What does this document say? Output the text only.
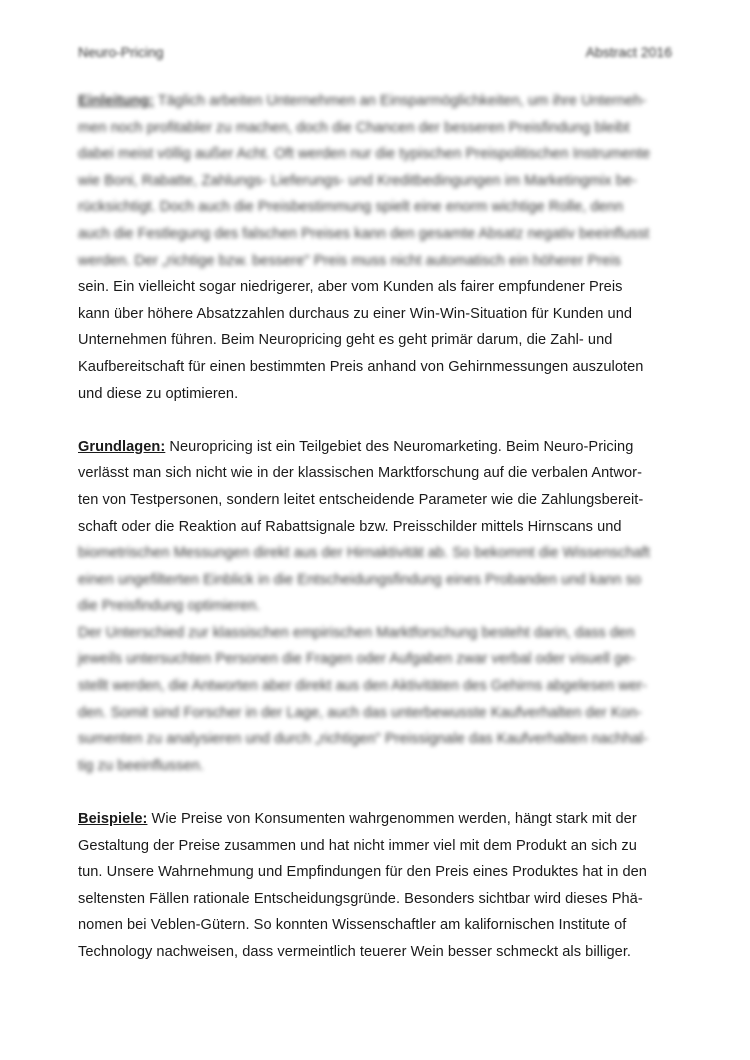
Neuro-Pricing	Abstract 2016
Einleitung: Täglich arbeiten Unternehmen an Einsparmöglichkeiten, um ihre Unterneh-
men noch profitabler zu machen, doch die Chancen der besseren Preisfindung bleibt
dabei meist völlig außer Acht. Oft werden nur die typischen Preispolitischen Instrumente
wie Boni, Rabatte, Zahlungs- Lieferungs- und Kreditbedingungen im Marketingmix be-
rücksichtigt. Doch auch die Preisbestimmung spielt eine enorm wichtige Rolle, denn
auch die Festlegung des falschen Preises kann den gesamte Absatz negativ beeinflusst
werden. Der „richtige bzw. bessere" Preis muss nicht automatisch ein höherer Preis
sein. Ein vielleicht sogar niedrigerer, aber vom Kunden als fairer empfundener Preis
kann über höhere Absatzzahlen durchaus zu einer Win-Win-Situation für Kunden und
Unternehmen führen. Beim Neuropricing geht es geht primär darum, die Zahl- und
Kaufbereitschaft für einen bestimmten Preis anhand von Gehirnmessungen auszuloten
und diese zu optimieren.
Grundlagen: Neuropricing ist ein Teilgebiet des Neuromarketing. Beim Neuro-Pricing
verlässt man sich nicht wie in der klassischen Marktforschung auf die verbalen Antwor-
ten von Testpersonen, sondern leitet entscheidende Parameter wie die Zahlungsbereit-
schaft oder die Reaktion auf Rabattsignale bzw. Preisschilder mittels Hirnscans und
biometrischen Messungen direkt aus der Hirnaktivität ab. So bekommt die Wissenschaft
einen ungefilterten Einblick in die Entscheidungsfindung eines Probanden und kann so
die Preisfindung optimieren.
Der Unterschied zur klassischen empirischen Marktforschung besteht darin, dass den
jeweils untersuchten Personen die Fragen oder Aufgaben zwar verbal oder visuell ge-
stellt werden, die Antworten aber direkt aus den Aktivitäten des Gehirns abgelesen wer-
den. Somit sind Forscher in der Lage, auch das unterbewusste Kaufverhalten der Kon-
sumenten zu analysieren und durch „richtigen" Preissignale das Kaufverhalten nachhal-
tig zu beeinflussen.
Beispiele: Wie Preise von Konsumenten wahrgenommen werden, hängt stark mit der
Gestaltung der Preise zusammen und hat nicht immer viel mit dem Produkt an sich zu
tun. Unsere Wahrnehmung und Empfindungen für den Preis eines Produktes hat in den
seltensten Fällen rationale Entscheidungsgründe. Besonders sichtbar wird dieses Phä-
nomen bei Veblen-Gütern. So konnten Wissenschaftler am kalifornischen Institute of
Technology nachweisen, dass vermeintlich teuerer Wein besser schmeckt als billiger.
